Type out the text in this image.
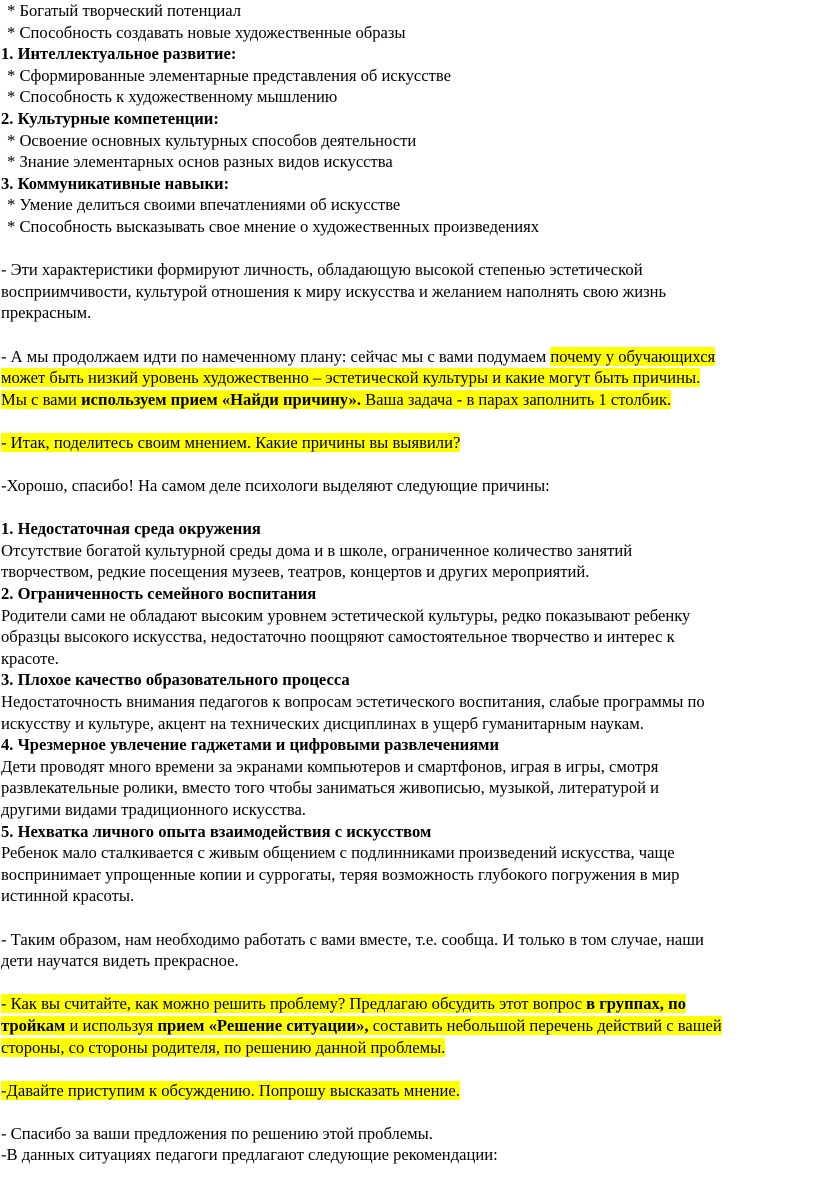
* Богатый творческий потенциал
* Способность создавать новые художественные образы
1. Интеллектуальное развитие:
* Сформированные элементарные представления об искусстве
* Способность к художественному мышлению
2. Культурные компетенции:
* Освоение основных культурных способов деятельности
* Знание элементарных основ разных видов искусства
3. Коммуникативные навыки:
* Умение делиться своими впечатлениями об искусстве
* Способность высказывать свое мнение о художественных произведениях
- Эти характеристики формируют личность, обладающую высокой степенью эстетической
восприимчивости, культурой отношения к миру искусства и желанием наполнять свою жизнь
прекрасным.
- А мы продолжаем идти по намеченному плану: сейчас мы с вами подумаем почему у обучающихся
может быть низкий уровень художественно – эстетической культуры и какие могут быть причины.
Мы с вами используем прием «Найди причину». Ваша задача - в парах заполнить 1 столбик.
- Итак, поделитесь своим мнением. Какие причины вы выявили?
-Хорошо, спасибо! На самом деле психологи выделяют следующие причины:
1. Недостаточная среда окружения
Отсутствие богатой культурной среды дома и в школе, ограниченное количество занятий
творчеством, редкие посещения музеев, театров, концертов и других мероприятий.
2. Ограниченность семейного воспитания
Родители сами не обладают высоким уровнем эстетической культуры, редко показывают ребенку
образцы высокого искусства, недостаточно поощряют самостоятельное творчество и интерес к
красоте.
3. Плохое качество образовательного процесса
Недостаточность внимания педагогов к вопросам эстетического воспитания, слабые программы по
искусству и культуре, акцент на технических дисциплинах в ущерб гуманитарным наукам.
4. Чрезмерное увлечение гаджетами и цифровыми развлечениями
Дети проводят много времени за экранами компьютеров и смартфонов, играя в игры, смотря
развлекательные ролики, вместо того чтобы заниматься живописью, музыкой, литературой и
другими видами традиционного искусства.
5. Нехватка личного опыта взаимодействия с искусством
Ребенок мало сталкивается с живым общением с подлинниками произведений искусства, чаще
воспринимает упрощенные копии и суррогаты, теряя возможность глубокого погружения в мир
истинной красоты.
- Таким образом, нам необходимо работать с вами вместе, т.е. сообща. И только в том случае, наши
дети научатся видеть прекрасное.
- Как вы считайте, как можно решить проблему? Предлагаю обсудить этот вопрос в группах, по
тройкам и используя прием «Решение ситуации», составить небольшой перечень действий с вашей
стороны, со стороны родителя, по решению данной проблемы.
-Давайте приступим к обсуждению. Попрошу высказать мнение.
- Спасибо за ваши предложения по решению этой проблемы.
-В данных ситуациях педагоги предлагают следующие рекомендации:
